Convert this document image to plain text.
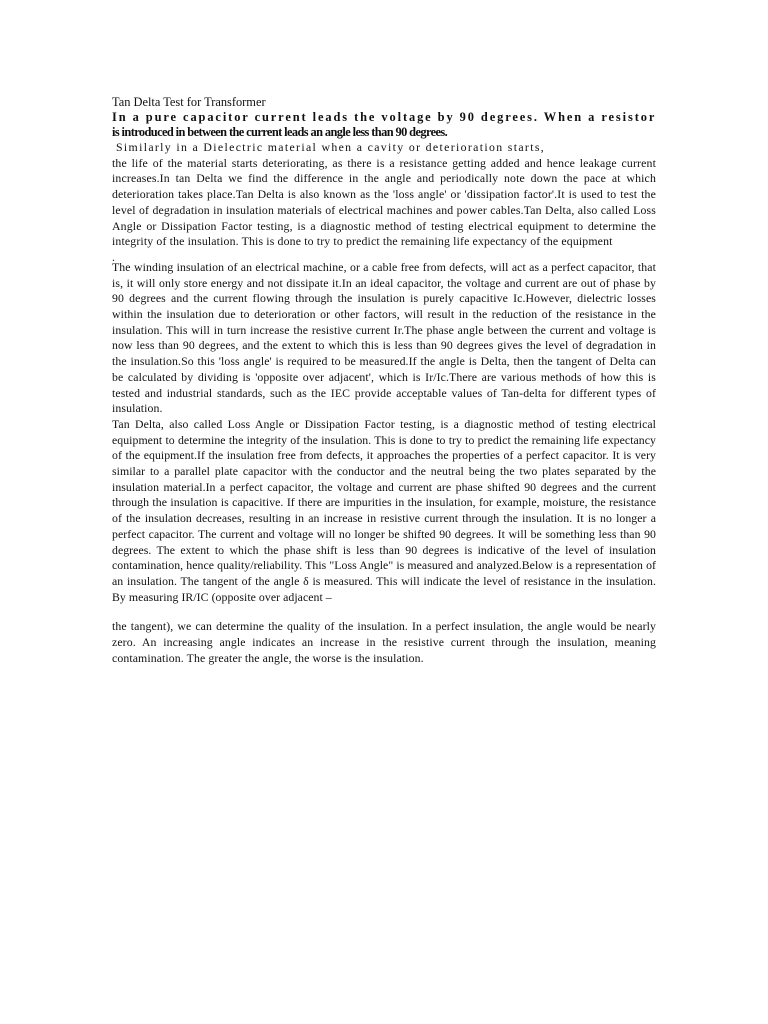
Tan Delta Test for Transformer

In a pure capacitor current leads the voltage by 90 degrees. When a resistor is introduced in between the current leads an angle less than 90 degrees.

Similarly in a Dielectric material when a cavity or deterioration starts,
the life of the material starts deteriorating, as there is a resistance getting added and hence leakage current increases.In tan Delta we find the difference in the angle and periodically note down the pace at which deterioration takes place.Tan Delta is also known as the 'loss angle' or 'dissipation factor'.It is used to test the level of degradation in insulation materials of electrical machines and power cables.Tan Delta, also called Loss Angle or Dissipation Factor testing, is a diagnostic method of testing electrical equipment to determine the integrity of the insulation. This is done to try to predict the remaining life expectancy of the equipment

.

The winding insulation of an electrical machine, or a cable free from defects, will act as a perfect capacitor, that is, it will only store energy and not dissipate it.In an ideal capacitor, the voltage and current are out of phase by 90 degrees and the current flowing through the insulation is purely capacitive Ic.However, dielectric losses within the insulation due to deterioration or other factors, will result in the reduction of the resistance in the insulation. This will in turn increase the resistive current Ir.The phase angle between the current and voltage is now less than 90 degrees, and the extent to which this is less than 90 degrees gives the level of degradation in the insulation.So this 'loss angle' is required to be measured.If the angle is Delta, then the tangent of Delta can be calculated by dividing is 'opposite over adjacent', which is Ir/Ic.There are various methods of how this is tested and industrial standards, such as the IEC provide acceptable values of Tan-delta for different types of insulation.

Tan Delta, also called Loss Angle or Dissipation Factor testing, is a diagnostic method of testing electrical equipment to determine the integrity of the insulation. This is done to try to predict the remaining life expectancy of the equipment.If the insulation free from defects, it approaches the properties of a perfect capacitor. It is very similar to a parallel plate capacitor with the conductor and the neutral being the two plates separated by the insulation material.In a perfect capacitor, the voltage and current are phase shifted 90 degrees and the current through the insulation is capacitive. If there are impurities in the insulation, for example, moisture, the resistance of the insulation decreases, resulting in an increase in resistive current through the insulation. It is no longer a perfect capacitor. The current and voltage will no longer be shifted 90 degrees. It will be something less than 90 degrees. The extent to which the phase shift is less than 90 degrees is indicative of the level of insulation contamination, hence quality/reliability. This "Loss Angle" is measured and analyzed.Below is a representation of an insulation. The tangent of the angle δ is measured. This will indicate the level of resistance in the insulation. By measuring IR/IC (opposite over adjacent –

the tangent), we can determine the quality of the insulation. In a perfect insulation, the angle would be nearly zero. An increasing angle indicates an increase in the resistive current through the insulation, meaning contamination. The greater the angle, the worse is the insulation.
